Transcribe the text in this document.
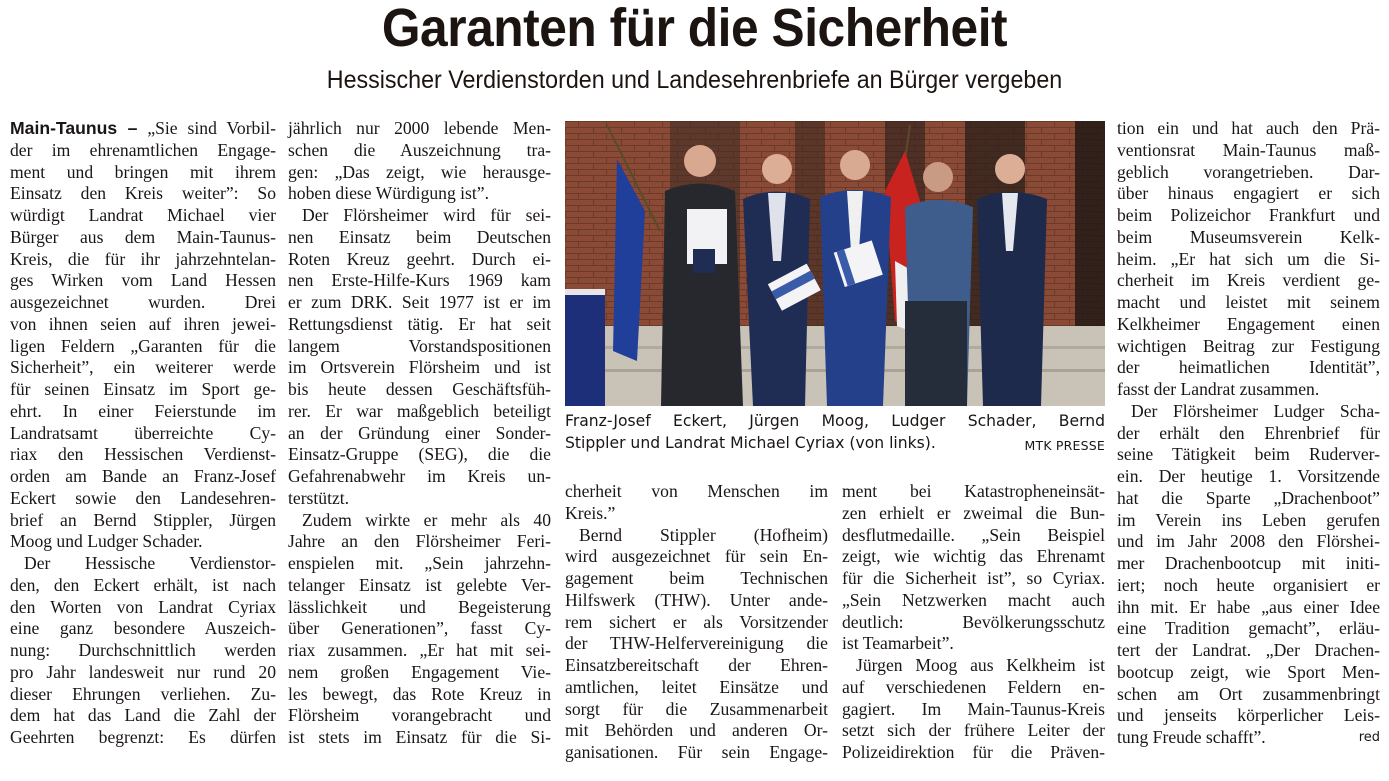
Garanten für die Sicherheit
Hessischer Verdienstorden und Landesehrenbriefe an Bürger vergeben
Main-Taunus – „Sie sind Vorbil-
der im ehrenamtlichen Engage-
ment und bringen mit ihrem
Einsatz den Kreis weiter”: So
würdigt Landrat Michael vier
Bürger aus dem Main-Taunus-
Kreis, die für ihr jahrzehntelan-
ges Wirken vom Land Hessen
ausgezeichnet wurden. Drei
von ihnen seien auf ihren jewei-
ligen Feldern „Garanten für die
Sicherheit”, ein weiterer werde
für seinen Einsatz im Sport ge-
ehrt. In einer Feierstunde im
Landratsamt überreichte Cy-
riax den Hessischen Verdienst-
orden am Bande an Franz-Josef
Eckert sowie den Landesehren-
brief an Bernd Stippler, Jürgen
Moog und Ludger Schader.
Der Hessische Verdienstor-
den, den Eckert erhält, ist nach
den Worten von Landrat Cyriax
eine ganz besondere Auszeich-
nung: Durchschnittlich werden
pro Jahr landesweit nur rund 20
dieser Ehrungen verliehen. Zu-
dem hat das Land die Zahl der
Geehrten begrenzt: Es dürfen
jährlich nur 2000 lebende Men-
schen die Auszeichnung tra-
gen: „Das zeigt, wie herausge-
hoben diese Würdigung ist”.
Der Flörsheimer wird für sei-
nen Einsatz beim Deutschen
Roten Kreuz geehrt. Durch ei-
nen Erste-Hilfe-Kurs 1969 kam
er zum DRK. Seit 1977 ist er im
Rettungsdienst tätig. Er hat seit
langem Vorstandspositionen
im Ortsverein Flörsheim und ist
bis heute dessen Geschäftsfüh-
rer. Er war maßgeblich beteiligt
an der Gründung einer Sonder-
Einsatz-Gruppe (SEG), die die
Gefahrenabwehr im Kreis un-
terstützt.
Zudem wirkte er mehr als 40
Jahre an den Flörsheimer Feri-
enspielen mit. „Sein jahrzehn-
telanger Einsatz ist gelebte Ver-
lässlichkeit und Begeisterung
über Generationen”, fasst Cy-
riax zusammen. „Er hat mit sei-
nem großen Engagement Vie-
les bewegt, das Rote Kreuz in
Flörsheim vorangebracht und
ist stets im Einsatz für die Si-
Franz-Josef Eckert, Jürgen Moog, Ludger Schader, Bernd
Stippler und Landrat Michael Cyriax (von links).	MTK PRESSE
cherheit von Menschen im
Kreis.”
Bernd Stippler (Hofheim)
wird ausgezeichnet für sein En-
gagement beim Technischen
Hilfswerk (THW). Unter ande-
rem sichert er als Vorsitzender
der THW-Helfervereinigung die
Einsatzbereitschaft der Ehren-
amtlichen, leitet Einsätze und
sorgt für die Zusammenarbeit
mit Behörden und anderen Or-
ganisationen. Für sein Engage-
ment bei Katastropheneinsät-
zen erhielt er zweimal die Bun-
desflutmedaille. „Sein Beispiel
zeigt, wie wichtig das Ehrenamt
für die Sicherheit ist”, so Cyriax.
„Sein Netzwerken macht auch
deutlich: Bevölkerungsschutz
ist Teamarbeit”.
Jürgen Moog aus Kelkheim ist
auf verschiedenen Feldern en-
gagiert. Im Main-Taunus-Kreis
setzt sich der frühere Leiter der
Polizeidirektion für die Präven-
tion ein und hat auch den Prä-
ventionsrat Main-Taunus maß-
geblich vorangetrieben. Dar-
über hinaus engagiert er sich
beim Polizeichor Frankfurt und
beim Museumsverein Kelk-
heim. „Er hat sich um die Si-
cherheit im Kreis verdient ge-
macht und leistet mit seinem
Kelkheimer Engagement einen
wichtigen Beitrag zur Festigung
der heimatlichen Identität”,
fasst der Landrat zusammen.
Der Flörsheimer Ludger Scha-
der erhält den Ehrenbrief für
seine Tätigkeit beim Ruderver-
ein. Der heutige 1. Vorsitzende
hat die Sparte „Drachenboot”
im Verein ins Leben gerufen
und im Jahr 2008 den Flörshei-
mer Drachenbootcup mit initi-
iert; noch heute organisiert er
ihn mit. Er habe „aus einer Idee
eine Tradition gemacht”, erläu-
tert der Landrat. „Der Drachen-
bootcup zeigt, wie Sport Men-
schen am Ort zusammenbringt
und jenseits körperlicher Leis-
tung Freude schafft”.	red
